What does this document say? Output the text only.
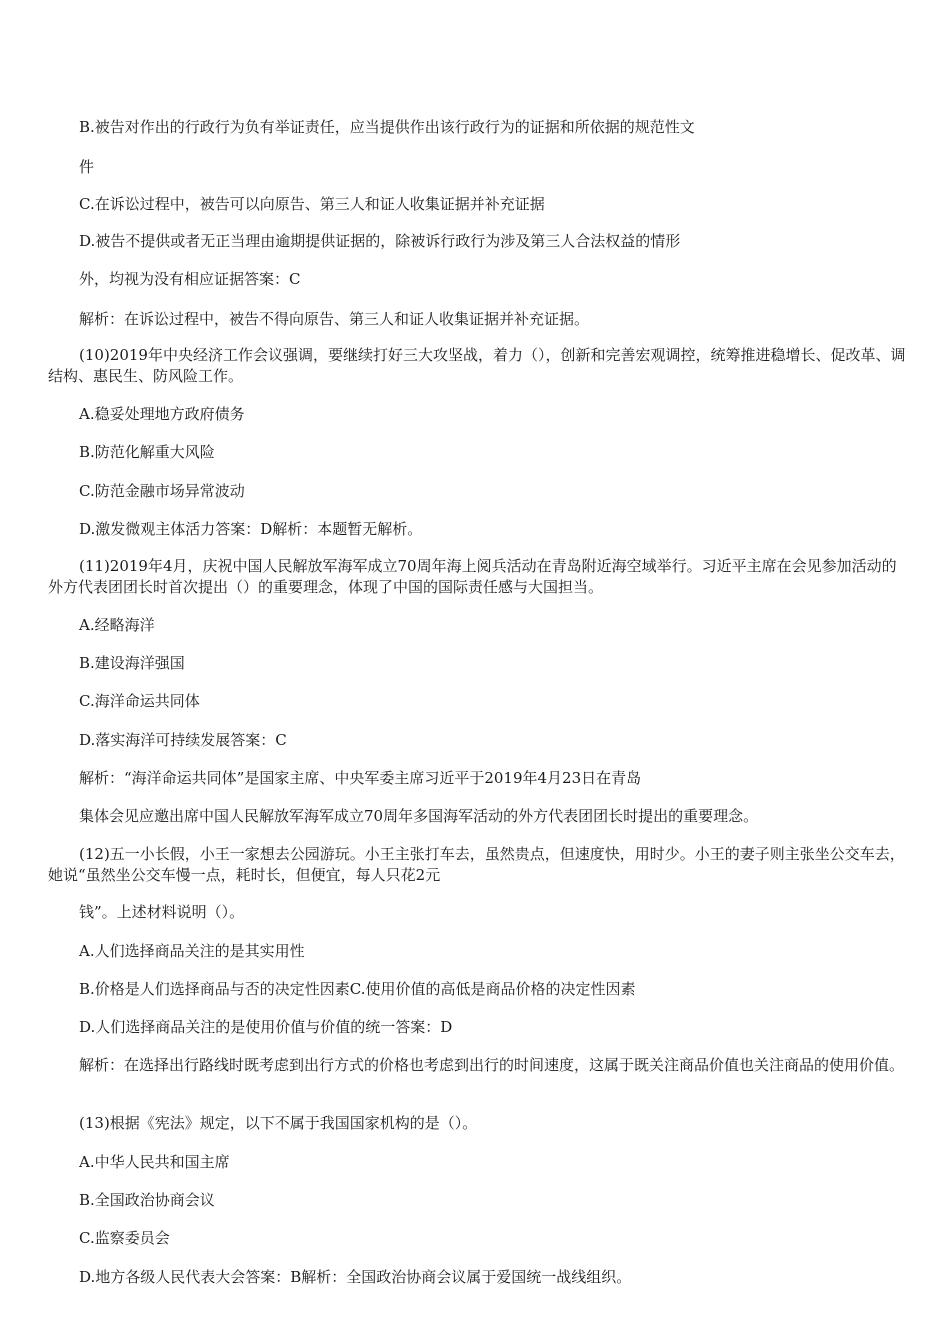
B.被告对作出的行政行为负有举证责任，应当提供作出该行政行为的证据和所依据的规范性文

件

C.在诉讼过程中，被告可以向原告、第三人和证人收集证据并补充证据

D.被告不提供或者无正当理由逾期提供证据的，除被诉行政行为涉及第三人合法权益的情形

外，均视为没有相应证据答案：C

解析：在诉讼过程中，被告不得向原告、第三人和证人收集证据并补充证据。

(10)2019年中央经济工作会议强调，要继续打好三大攻坚战，着力（），创新和完善宏观调控，统筹推进稳增长、促改革、调结构、惠民生、防风险工作。

A.稳妥处理地方政府债务

B.防范化解重大风险

C.防范金融市场异常波动

D.激发微观主体活力答案：D解析：本题暂无解析。

(11)2019年4月，庆祝中国人民解放军海军成立70周年海上阅兵活动在青岛附近海空域举行。习近平主席在会见参加活动的外方代表团团长时首次提出（）的重要理念，体现了中国的国际责任感与大国担当。

A.经略海洋

B.建设海洋强国

C.海洋命运共同体

D.落实海洋可持续发展答案：C

解析：“海洋命运共同体”是国家主席、中央军委主席习近平于2019年4月23日在青岛

集体会见应邀出席中国人民解放军海军成立70周年多国海军活动的外方代表团团长时提出的重要理念。

(12)五一小长假，小王一家想去公园游玩。小王主张打车去，虽然贵点，但速度快，用时少。小王的妻子则主张坐公交车去，她说“虽然坐公交车慢一点，耗时长，但便宜，每人只花2元

钱”。上述材料说明（）。

A.人们选择商品关注的是其实用性

B.价格是人们选择商品与否的决定性因素C.使用价值的高低是商品价格的决定性因素

D.人们选择商品关注的是使用价值与价值的统一答案：D

解析：在选择出行路线时既考虑到出行方式的价格也考虑到出行的时间速度，这属于既关注商品价值也关注商品的使用价值。

(13)根据《宪法》规定，以下不属于我国国家机构的是（）。

A.中华人民共和国主席

B.全国政治协商会议

C.监察委员会

D.地方各级人民代表大会答案：B解析：全国政治协商会议属于爱国统一战线组织。
